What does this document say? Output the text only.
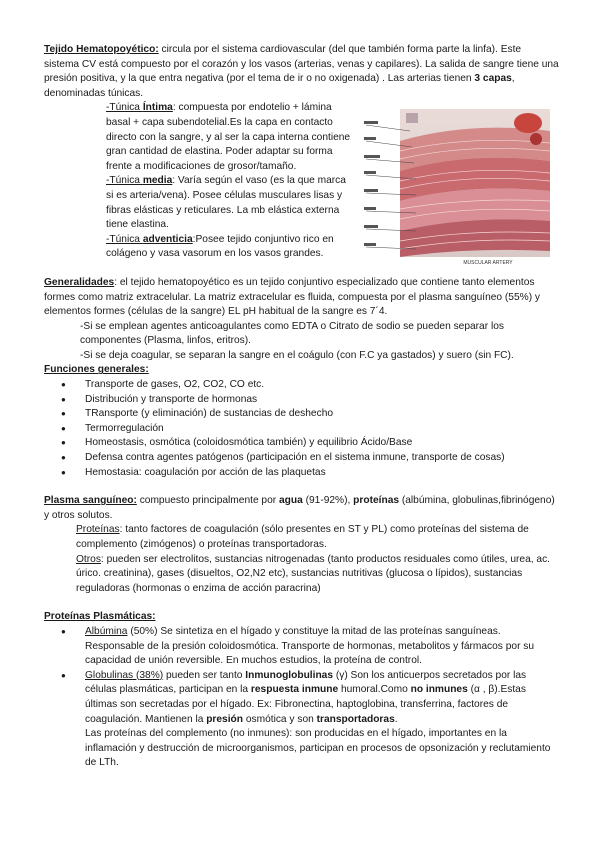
Tejido Hematopoyético: circula por el sistema cardiovascular (del que también forma parte la linfa). Este sistema CV está compuesto por el corazón y los vasos (arterias, venas y capilares). La salida de sangre tiene una presión positiva, y la que entra negativa (por el tema de ir o no oxigenada) . Las arterias tienen 3 capas, denominadas túnicas.

-Túnica Íntima: compuesta por endotelio + lámina basal + capa subendotelial.Es la capa en contacto directo con la sangre, y al ser la capa interna contiene gran cantidad de elastina. Poder adaptar su forma frente a modificaciones de grosor/tamaño.

-Túnica media: Varía según el vaso (es la que marca si es arteria/vena). Posee células musculares lisas y fibras elásticas y reticulares. La mb elástica externa tiene elastina.

-Túnica adventicia:Posee tejido conjuntivo rico en colágeno y vasa vasorum en los vasos grandes.

MUSCULAR ARTERY

Generalidades: el tejido hematopoyético es un tejido conjuntivo especializado que contiene tanto elementos formes como matriz extracelular. La matriz extracelular es fluida, compuesta por el plasma sanguíneo (55%) y elementos formes (células de la sangre) EL pH habitual de la sangre es 7´4.

-Si se emplean agentes anticoagulantes como EDTA o Citrato de sodio se pueden separar los componentes (Plasma, linfos, eritros).

-Si se deja coagular, se separan la sangre en el coágulo (con F.C ya gastados) y suero (sin FC).

Funciones generales:

● Transporte de gases, O2, CO2, CO etc.
● Distribución y transporte de hormonas
● TRansporte (y eliminación) de sustancias de deshecho
● Termorregulación
● Homeostasis, osmótica (coloidosmótica también) y equilibrio Ácido/Base
● Defensa contra agentes patógenos (participación en el sistema inmune, transporte de cosas)
● Hemostasia: coagulación por acción de las plaquetas

Plasma sanguíneo: compuesto principalmente por agua (91-92%), proteínas (albúmina, globulinas,fibrinógeno) y otros solutos.

Proteínas: tanto factores de coagulación (sólo presentes en ST y PL) como proteínas del sistema de complemento (zimógenos) o proteínas transportadoras.

Otros: pueden ser electrolitos, sustancias nitrogenadas (tanto productos residuales como útiles, urea, ac. úrico. creatinina), gases (disueltos, O2,N2 etc), sustancias nutritivas (glucosa o lípidos), sustancias reguladoras (hormonas o enzima de acción paracrina)

Proteínas Plasmáticas:

● Albúmina (50%) Se sintetiza en el hígado y constituye la mitad de las proteínas sanguíneas. Responsable de la presión coloidosmótica. Transporte de hormonas, metabolitos y fármacos por su capacidad de unión reversible. En muchos estudios, la proteína de control.
● Globulinas (38%) pueden ser tanto Inmunoglobulinas (γ) Son los anticuerpos secretados por las células plasmáticas, participan en la respuesta inmune humoral.Como no inmunes (α , β).Estas últimas son secretadas por el hígado. Ex: Fibronectina, haptoglobina, transferrina, factores de coagulación. Mantienen la presión osmótica y son transportadoras.

Las proteínas del complemento (no inmunes): son producidas en el hígado, importantes en la inflamación y destrucción de microorganismos, participan en procesos de opsonización y reclutamiento de LTh.
